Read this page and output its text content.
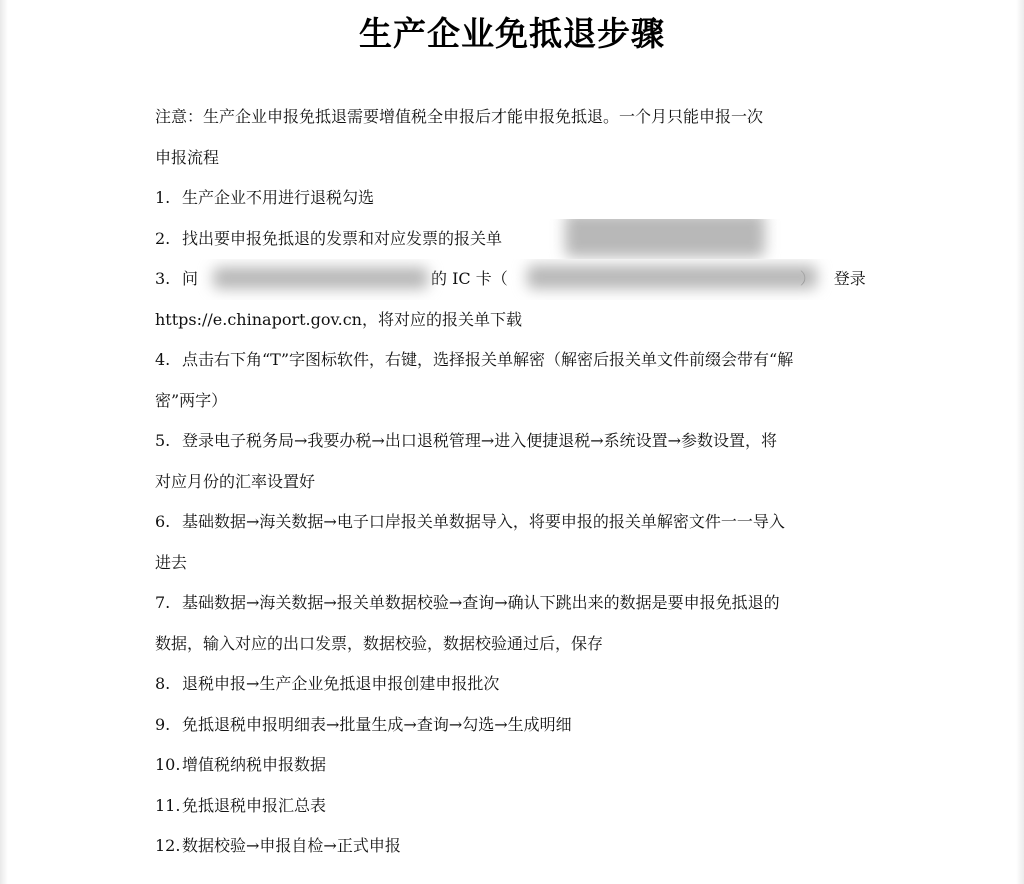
生产企业免抵退步骤
注意：生产企业申报免抵退需要增值税全申报后才能申报免抵退。一个月只能申报一次
申报流程
1. 生产企业不用进行退税勾选
2. 找出要申报免抵退的发票和对应发票的报关单
3. 问	的 IC 卡（	登录
https://e.chinaport.gov.cn，将对应的报关单下载
4. 点击右下角“T”字图标软件，右键，选择报关单解密（解密后报关单文件前缀会带有“解
密”两字）
5. 登录电子税务局→我要办税→出口退税管理→进入便捷退税→系统设置→参数设置，将
对应月份的汇率设置好
6. 基础数据→海关数据→电子口岸报关单数据导入，将要申报的报关单解密文件一一导入
进去
7. 基础数据→海关数据→报关单数据校验→查询→确认下跳出来的数据是要申报免抵退的
数据，输入对应的出口发票，数据校验，数据校验通过后，保存
8. 退税申报→生产企业免抵退申报创建申报批次
9. 免抵退税申报明细表→批量生成→查询→勾选→生成明细
10.增值税纳税申报数据
11.免抵退税申报汇总表
12.数据校验→申报自检→正式申报
